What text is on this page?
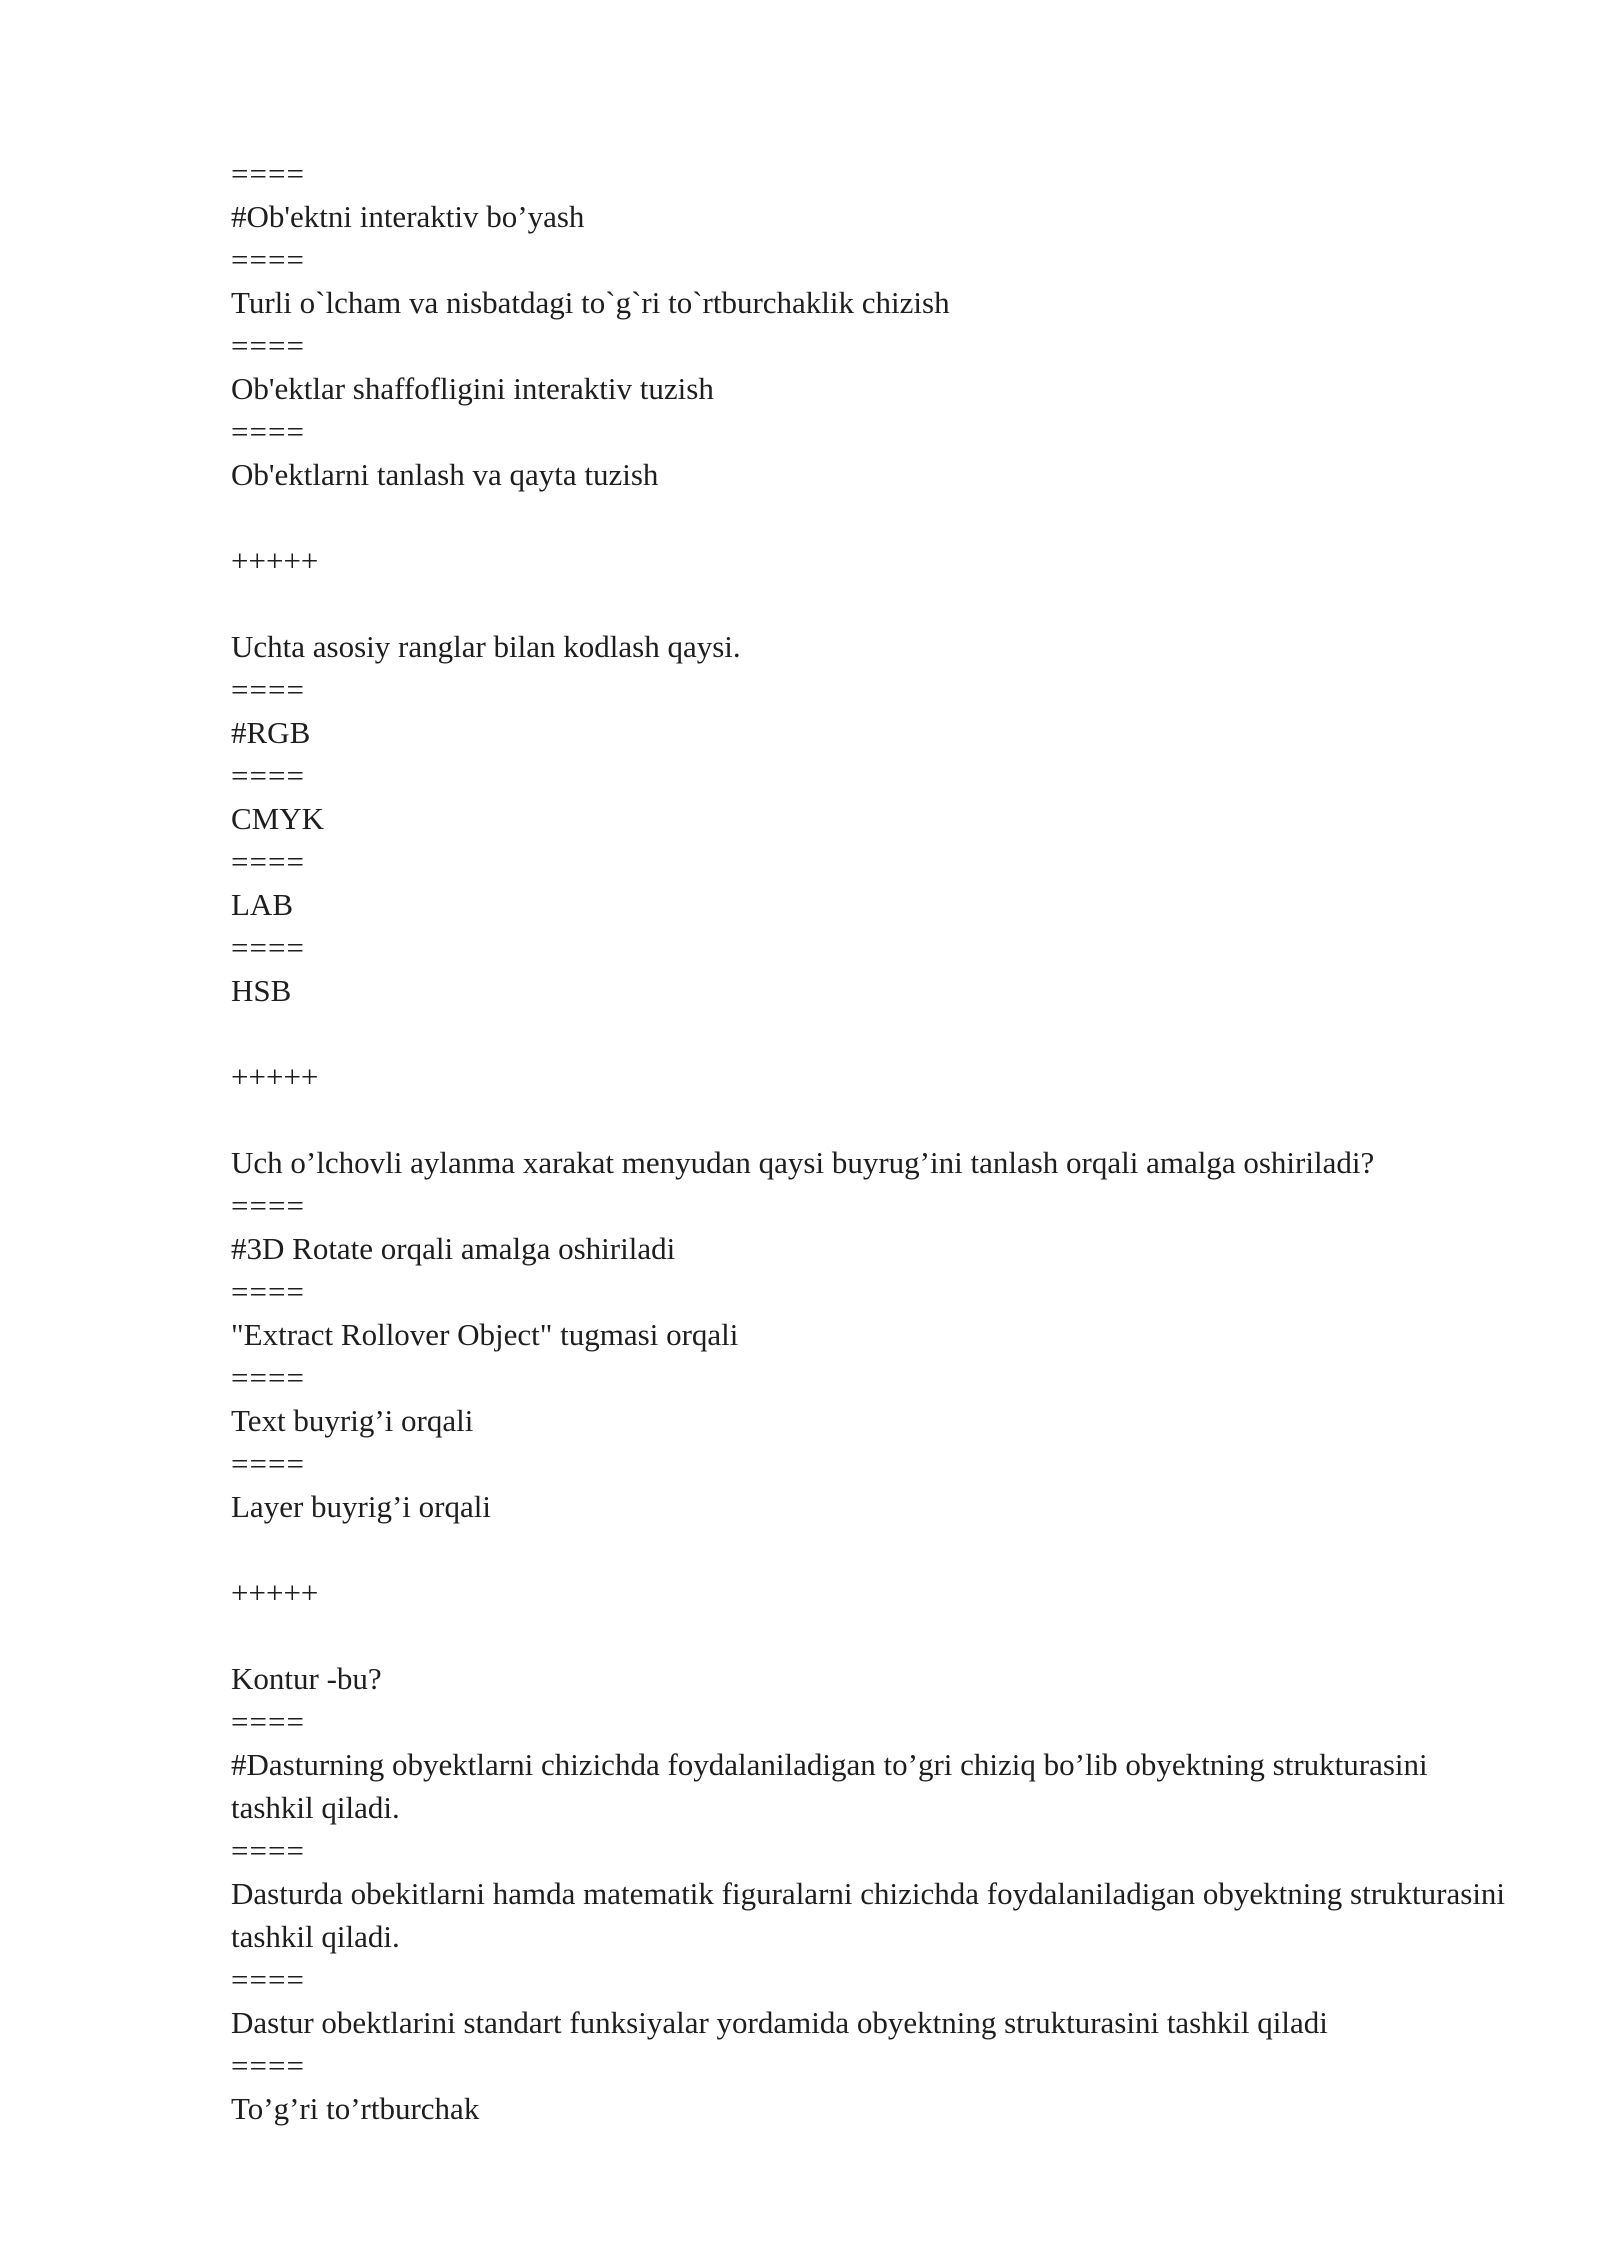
====

#Ob'ektni interaktiv bo’yash

====

Turli o`lcham va nisbatdagi to`g`ri to`rtburchaklik chizish

====

Ob'ektlar shaffofligini interaktiv tuzish

====

Ob'ektlarni tanlash va qayta tuzish

+++++

Uchta asosiy ranglar bilan kodlash qaysi.

====

#RGB

====

CMYK

====

LAB

====

HSB

+++++

Uch o’lchovli aylanma xarakat menyudan qaysi buyrug’ini tanlash orqali amalga oshiriladi?

====

#3D Rotate orqali amalga oshiriladi

====

"Extract Rollover Object" tugmasi orqali

====

Text buyrig’i orqali

====

Layer buyrig’i orqali

+++++

Kontur -bu?

====

#Dasturning obyektlarni chizichda foydalaniladigan to’gri chiziq bo’lib obyektning strukturasini tashkil qiladi.

====

Dasturda obekitlarni hamda matematik figuralarni chizichda foydalaniladigan obyektning strukturasini tashkil qiladi.

====

Dastur obektlarini standart funksiyalar yordamida obyektning strukturasini tashkil qiladi

====

To’g’ri to’rtburchak
